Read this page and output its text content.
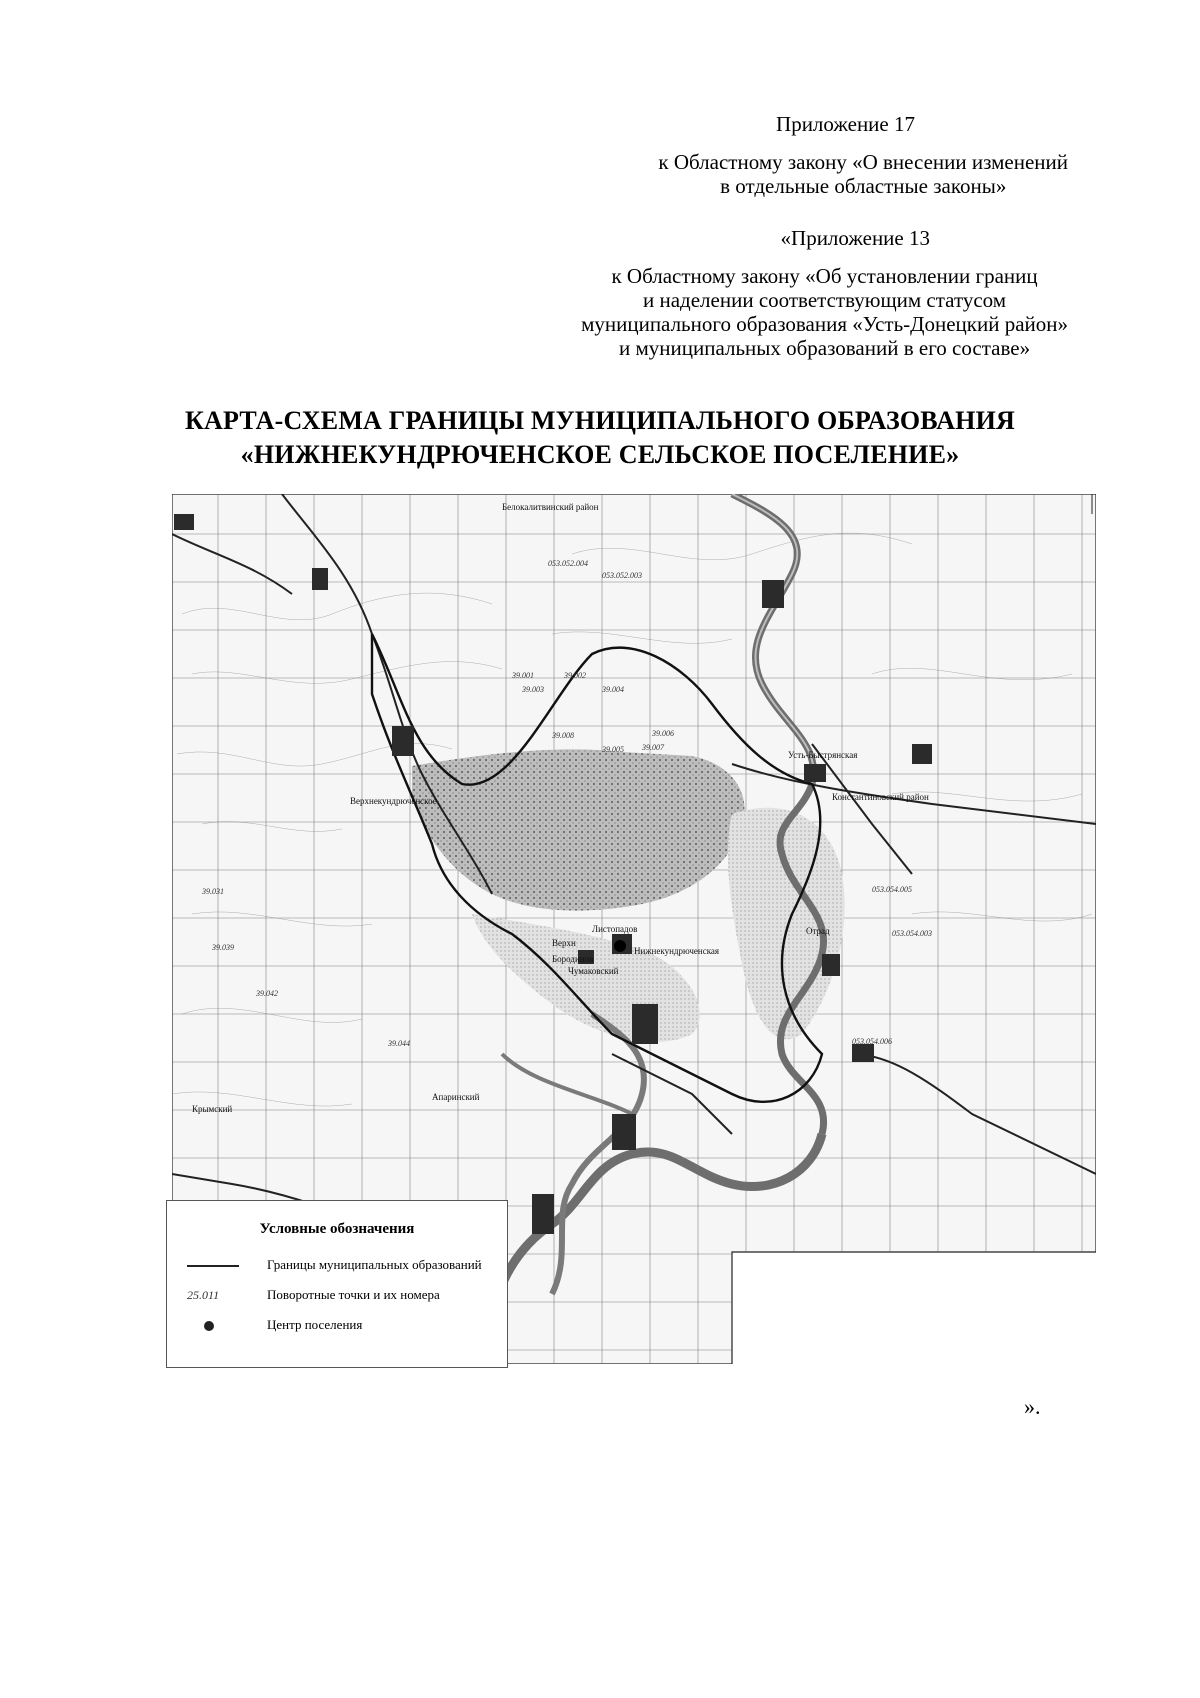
Приложение 17
к Областному закону «О внесении изменений
в отдельные областные законы»
«Приложение 13
к Областному закону «Об установлении границ
и наделении соответствующим статусом
муниципального образования «Усть-Донецкий район»
и муниципальных образований в его составе»
КАРТА-СХЕМА ГРАНИЦЫ МУНИЦИПАЛЬНОГО ОБРАЗОВАНИЯ
«НИЖНЕКУНДРЮЧЕНСКОЕ СЕЛЬСКОЕ ПОСЕЛЕНИЕ»
Белокалитвинский район
Константиновский район
Верхнекундрюченское
Нижнекундрюченская
Усть-Быстрянская
Листопадов
Чумаковский
Верхн
Бородинов
Отрад
Крымский
Апаринский
053.052.004
053.052.003
39.001	39.002
39.003	39.004
39.005
39.006
39.007
39.008
39.031
39.039
39.042
39.044
053.054.005
053.054.003
053.054.006
Условные обозначения
Границы муниципальных образований
25.011	Поворотные точки и их номера
Центр поселения
».
